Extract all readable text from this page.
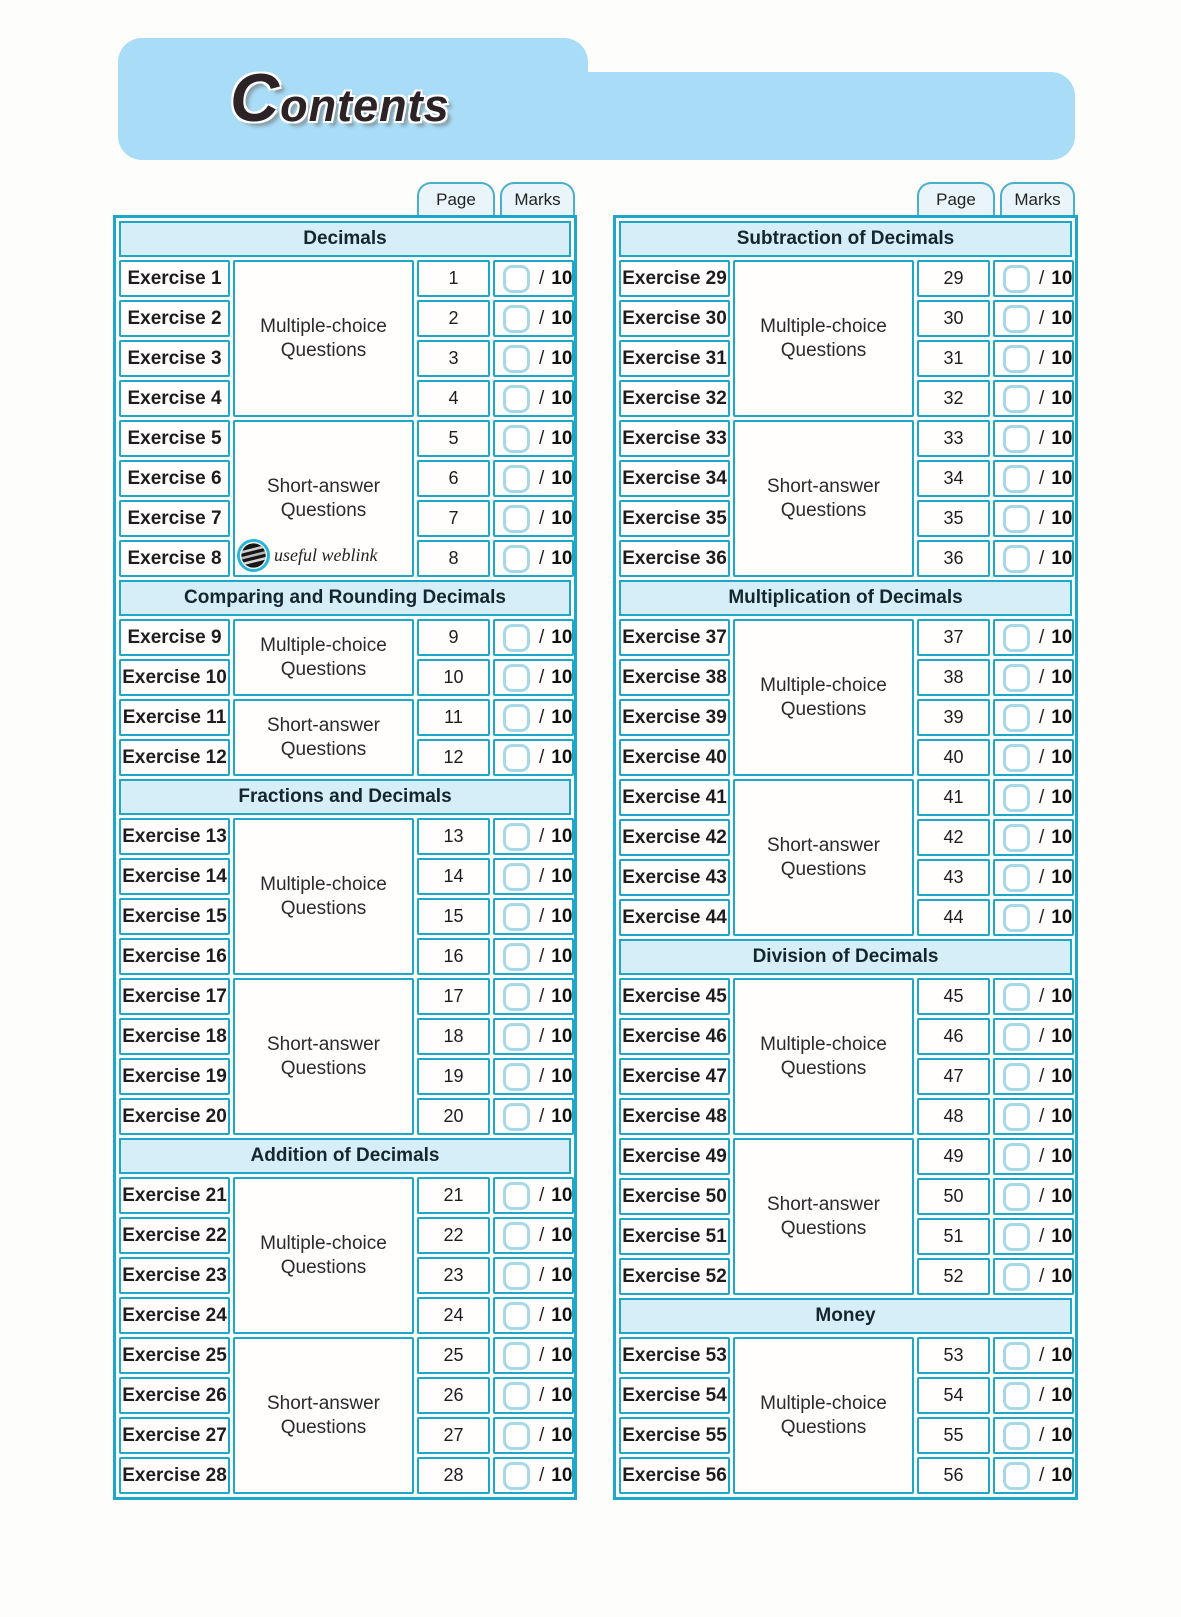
Contents
Page	Marks
Decimals
Multiple-choice Questions
Exercise 1	1	/ 10
Exercise 2	2	/ 10
Exercise 3	3	/ 10
Exercise 4	4	/ 10
Short-answer Questions
useful weblink
Exercise 5	5	/ 10
Exercise 6	6	/ 10
Exercise 7	7	/ 10
Exercise 8	8	/ 10
Comparing and Rounding Decimals
Multiple-choice Questions
Exercise 9	9	/ 10
Exercise 10	10	/ 10
Short-answer Questions
Exercise 11	11	/ 10
Exercise 12	12	/ 10
Fractions and Decimals
Multiple-choice Questions
Exercise 13	13	/ 10
Exercise 14	14	/ 10
Exercise 15	15	/ 10
Exercise 16	16	/ 10
Short-answer Questions
Exercise 17	17	/ 10
Exercise 18	18	/ 10
Exercise 19	19	/ 10
Exercise 20	20	/ 10
Addition of Decimals
Multiple-choice Questions
Exercise 21	21	/ 10
Exercise 22	22	/ 10
Exercise 23	23	/ 10
Exercise 24	24	/ 10
Short-answer Questions
Exercise 25	25	/ 10
Exercise 26	26	/ 10
Exercise 27	27	/ 10
Exercise 28	28	/ 10
Page	Marks
Subtraction of Decimals
Multiple-choice Questions
Exercise 29	29	/ 10
Exercise 30	30	/ 10
Exercise 31	31	/ 10
Exercise 32	32	/ 10
Short-answer Questions
Exercise 33	33	/ 10
Exercise 34	34	/ 10
Exercise 35	35	/ 10
Exercise 36	36	/ 10
Multiplication of Decimals
Multiple-choice Questions
Exercise 37	37	/ 10
Exercise 38	38	/ 10
Exercise 39	39	/ 10
Exercise 40	40	/ 10
Short-answer Questions
Exercise 41	41	/ 10
Exercise 42	42	/ 10
Exercise 43	43	/ 10
Exercise 44	44	/ 10
Division of Decimals
Multiple-choice Questions
Exercise 45	45	/ 10
Exercise 46	46	/ 10
Exercise 47	47	/ 10
Exercise 48	48	/ 10
Short-answer Questions
Exercise 49	49	/ 10
Exercise 50	50	/ 10
Exercise 51	51	/ 10
Exercise 52	52	/ 10
Money
Multiple-choice Questions
Exercise 53	53	/ 10
Exercise 54	54	/ 10
Exercise 55	55	/ 10
Exercise 56	56	/ 10
